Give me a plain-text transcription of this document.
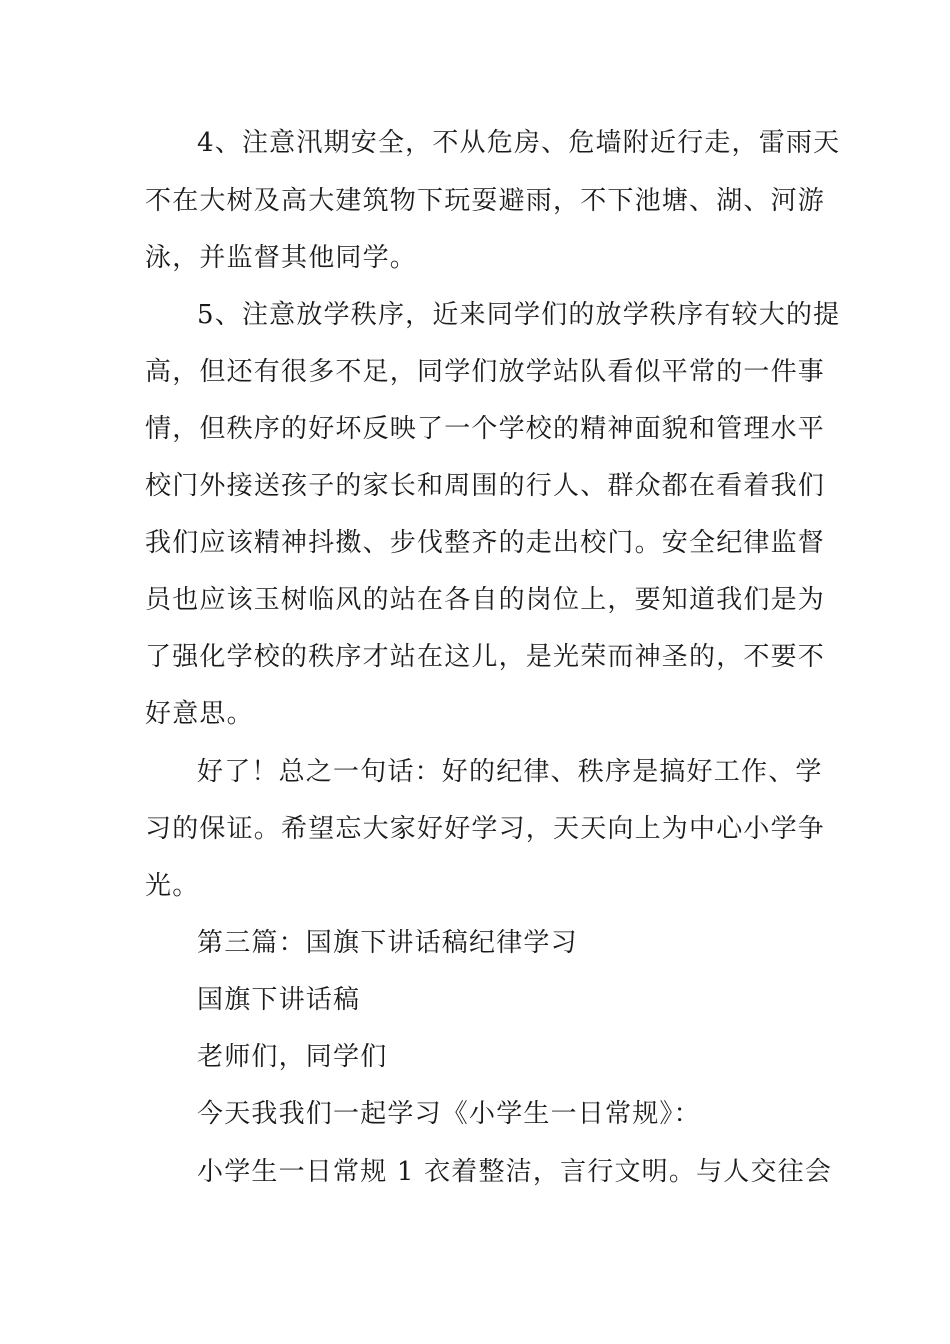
4、注意汛期安全，不从危房、危墙附近行走，雷雨天
不在大树及高大建筑物下玩耍避雨，不下池塘、湖、河游
泳，并监督其他同学。
5、注意放学秩序，近来同学们的放学秩序有较大的提
高，但还有很多不足，同学们放学站队看似平常的一件事
情，但秩序的好坏反映了一个学校的精神面貌和管理水平
校门外接送孩子的家长和周围的行人、群众都在看着我们
我们应该精神抖擞、步伐整齐的走出校门。安全纪律监督
员也应该玉树临风的站在各自的岗位上，要知道我们是为
了强化学校的秩序才站在这儿，是光荣而神圣的，不要不
好意思。
好了！总之一句话：好的纪律、秩序是搞好工作、学
习的保证。希望忘大家好好学习，天天向上为中心小学争
光。
第三篇：国旗下讲话稿纪律学习
国旗下讲话稿
老师们，同学们
今天我我们一起学习《小学生一日常规》：
小学生一日常规 1 衣着整洁，言行文明。与人交往会
